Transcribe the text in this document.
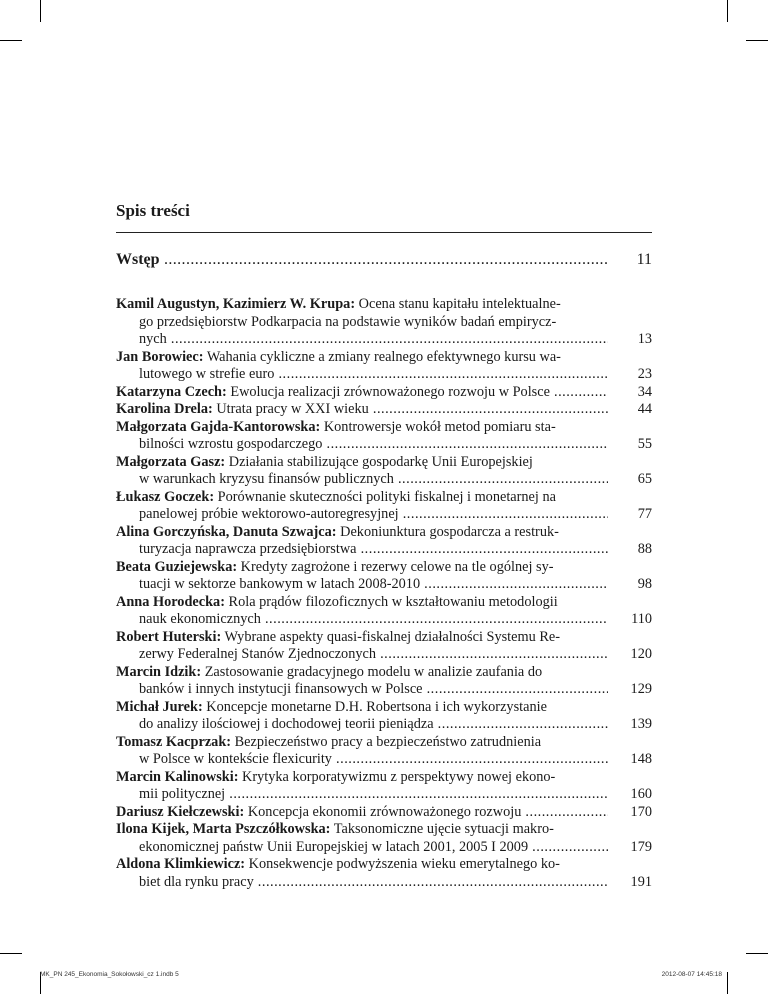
Spis treści
Wstęp .....	11
Kamil Augustyn, Kazimierz W. Krupa: Ocena stanu kapitału intelektualne-
go przedsiębiorstw Podkarpacia na podstawie wyników badań empirycz-
nych .....	13
Jan Borowiec: Wahania cykliczne a zmiany realnego efektywnego kursu wa-
lutowego w strefie euro .....	23
Katarzyna Czech: Ewolucja realizacji zrównoważonego rozwoju w Polsce .....	34
Karolina Drela: Utrata pracy w XXI wieku .....	44
Małgorzata Gajda-Kantorowska: Kontrowersje wokół metod pomiaru sta-
bilności wzrostu gospodarczego .....	55
Małgorzata Gasz: Działania stabilizujące gospodarkę Unii Europejskiej
w warunkach kryzysu finansów publicznych .....	65
Łukasz Goczek: Porównanie skuteczności polityki fiskalnej i monetarnej na
panelowej próbie wektorowo-autoregresyjnej .....	77
Alina Gorczyńska, Danuta Szwajca: Dekoniunktura gospodarcza a restruk-
turyzacja naprawcza przedsiębiorstwa .....	88
Beata Guziejewska: Kredyty zagrożone i rezerwy celowe na tle ogólnej sy-
tuacji w sektorze bankowym w latach 2008-2010 .....	98
Anna Horodecka: Rola prądów filozoficznych w kształtowaniu metodologii
nauk ekonomicznych .....	110
Robert Huterski: Wybrane aspekty quasi-fiskalnej działalności Systemu Re-
zerwy Federalnej Stanów Zjednoczonych .....	120
Marcin Idzik: Zastosowanie gradacyjnego modelu w analizie zaufania do
banków i innych instytucji finansowych w Polsce .....	129
Michał Jurek: Koncepcje monetarne D.H. Robertsona i ich wykorzystanie
do analizy ilościowej i dochodowej teorii pieniądza .....	139
Tomasz Kacprzak: Bezpieczeństwo pracy a bezpieczeństwo zatrudnienia
w Polsce w kontekście flexicurity .....	148
Marcin Kalinowski: Krytyka korporatywizmu z perspektywy nowej ekono-
mii politycznej .....	160
Dariusz Kiełczewski: Koncepcja ekonomii zrównoważonego rozwoju .....	170
Ilona Kijek, Marta Pszczółkowska: Taksonomiczne ujęcie sytuacji makro-
ekonomicznej państw Unii Europejskiej w latach 2001, 2005 I 2009 .....	179
Aldona Klimkiewicz: Konsekwencje podwyższenia wieku emerytalnego ko-
biet dla rynku pracy .....	191
MK_PN 245_Ekonomia_Sokołowski_cz 1.indb 5	2012-08-07 14:45:18
